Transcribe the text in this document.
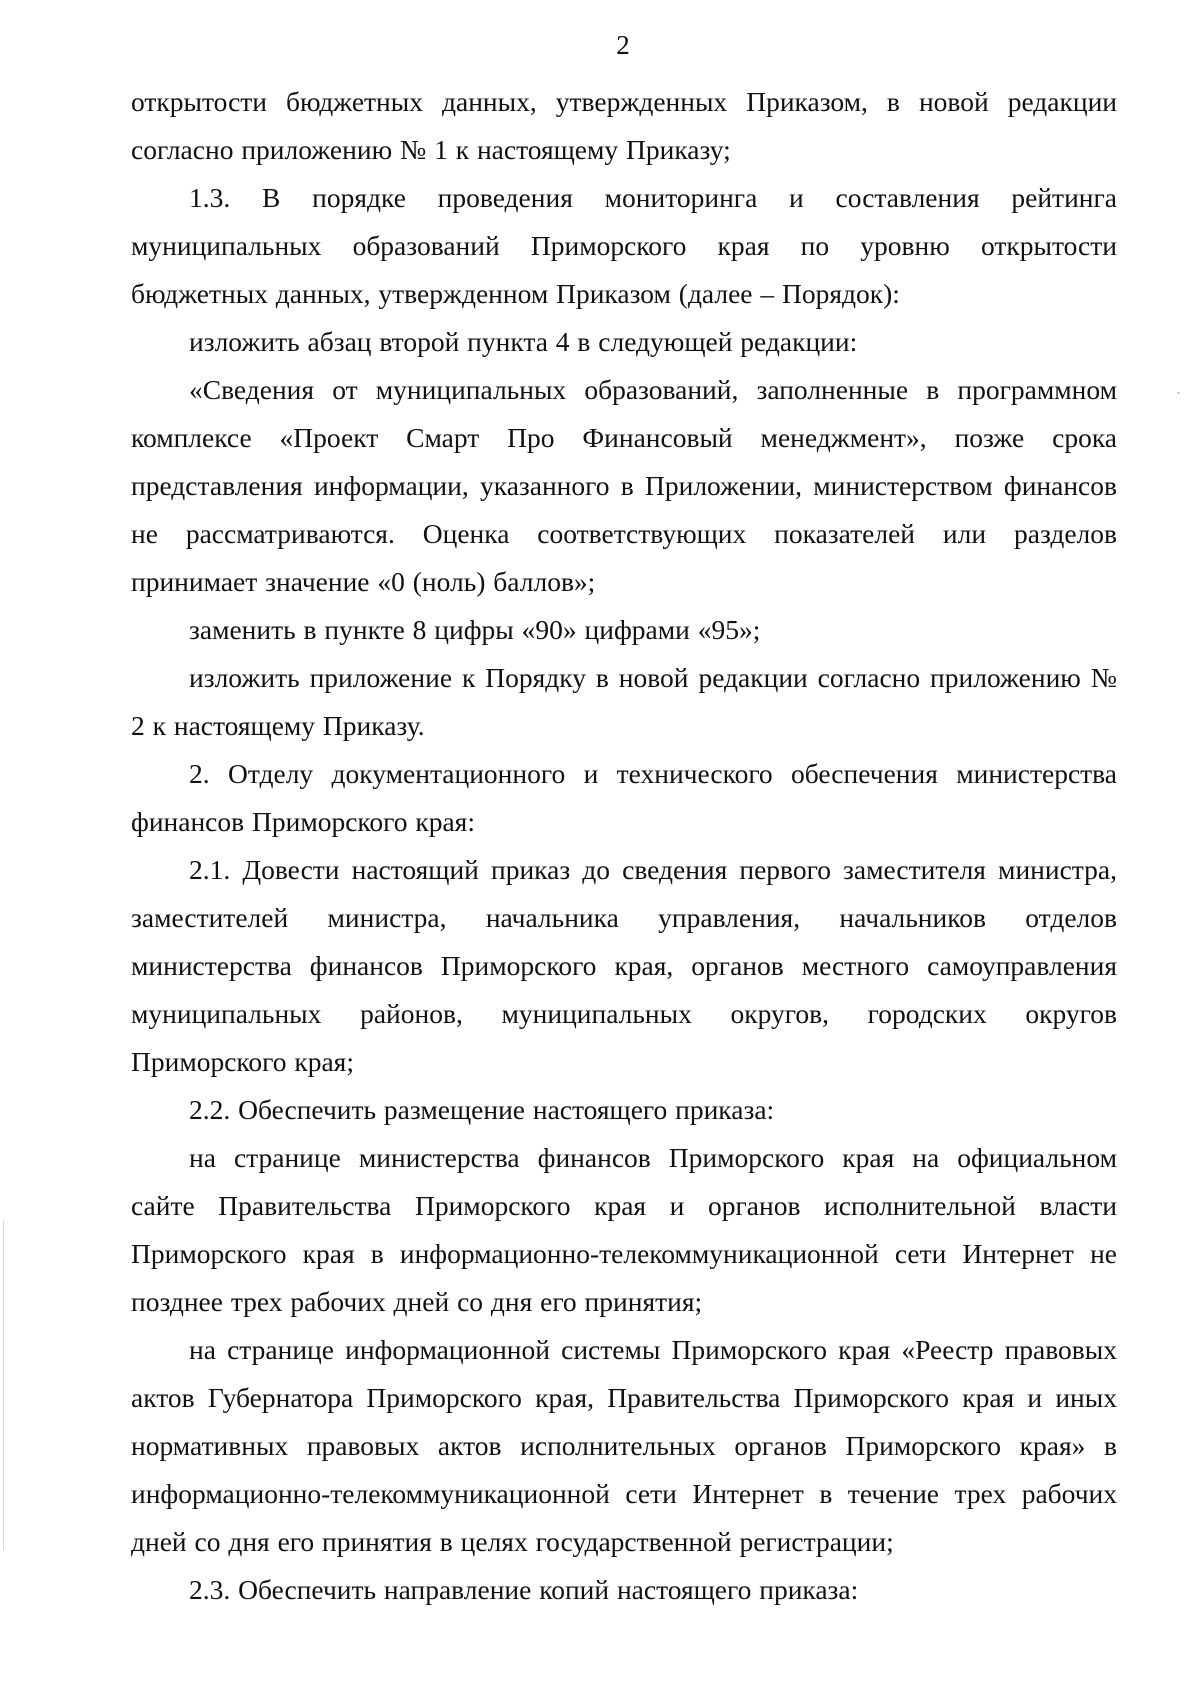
2

открытости бюджетных данных, утвержденных Приказом, в новой редакции согласно приложению № 1 к настоящему Приказу;

1.3. В порядке проведения мониторинга и составления рейтинга муниципальных образований Приморского края по уровню открытости бюджетных данных, утвержденном Приказом (далее – Порядок):

изложить абзац второй пункта 4 в следующей редакции:

«Сведения от муниципальных образований, заполненные в программном комплексе «Проект Смарт Про Финансовый менеджмент», позже срока представления информации, указанного в Приложении, министерством финансов не рассматриваются. Оценка соответствующих показателей или разделов принимает значение «0 (ноль) баллов»;

заменить в пункте 8 цифры «90» цифрами «95»;

изложить приложение к Порядку в новой редакции согласно приложению № 2 к настоящему Приказу.

2. Отделу документационного и технического обеспечения министерства финансов Приморского края:

2.1. Довести настоящий приказ до сведения первого заместителя министра, заместителей министра, начальника управления, начальников отделов министерства финансов Приморского края, органов местного самоуправления муниципальных районов, муниципальных округов, городских округов Приморского края;

2.2. Обеспечить размещение настоящего приказа:

на странице министерства финансов Приморского края на официальном сайте Правительства Приморского края и органов исполнительной власти Приморского края в информационно-телекоммуникационной сети Интернет не позднее трех рабочих дней со дня его принятия;

на странице информационной системы Приморского края «Реестр правовых актов Губернатора Приморского края, Правительства Приморского края и иных нормативных правовых актов исполнительных органов Приморского края» в информационно-телекоммуникационной сети Интернет в течение трех рабочих дней со дня его принятия в целях государственной регистрации;

2.3. Обеспечить направление копий настоящего приказа:
